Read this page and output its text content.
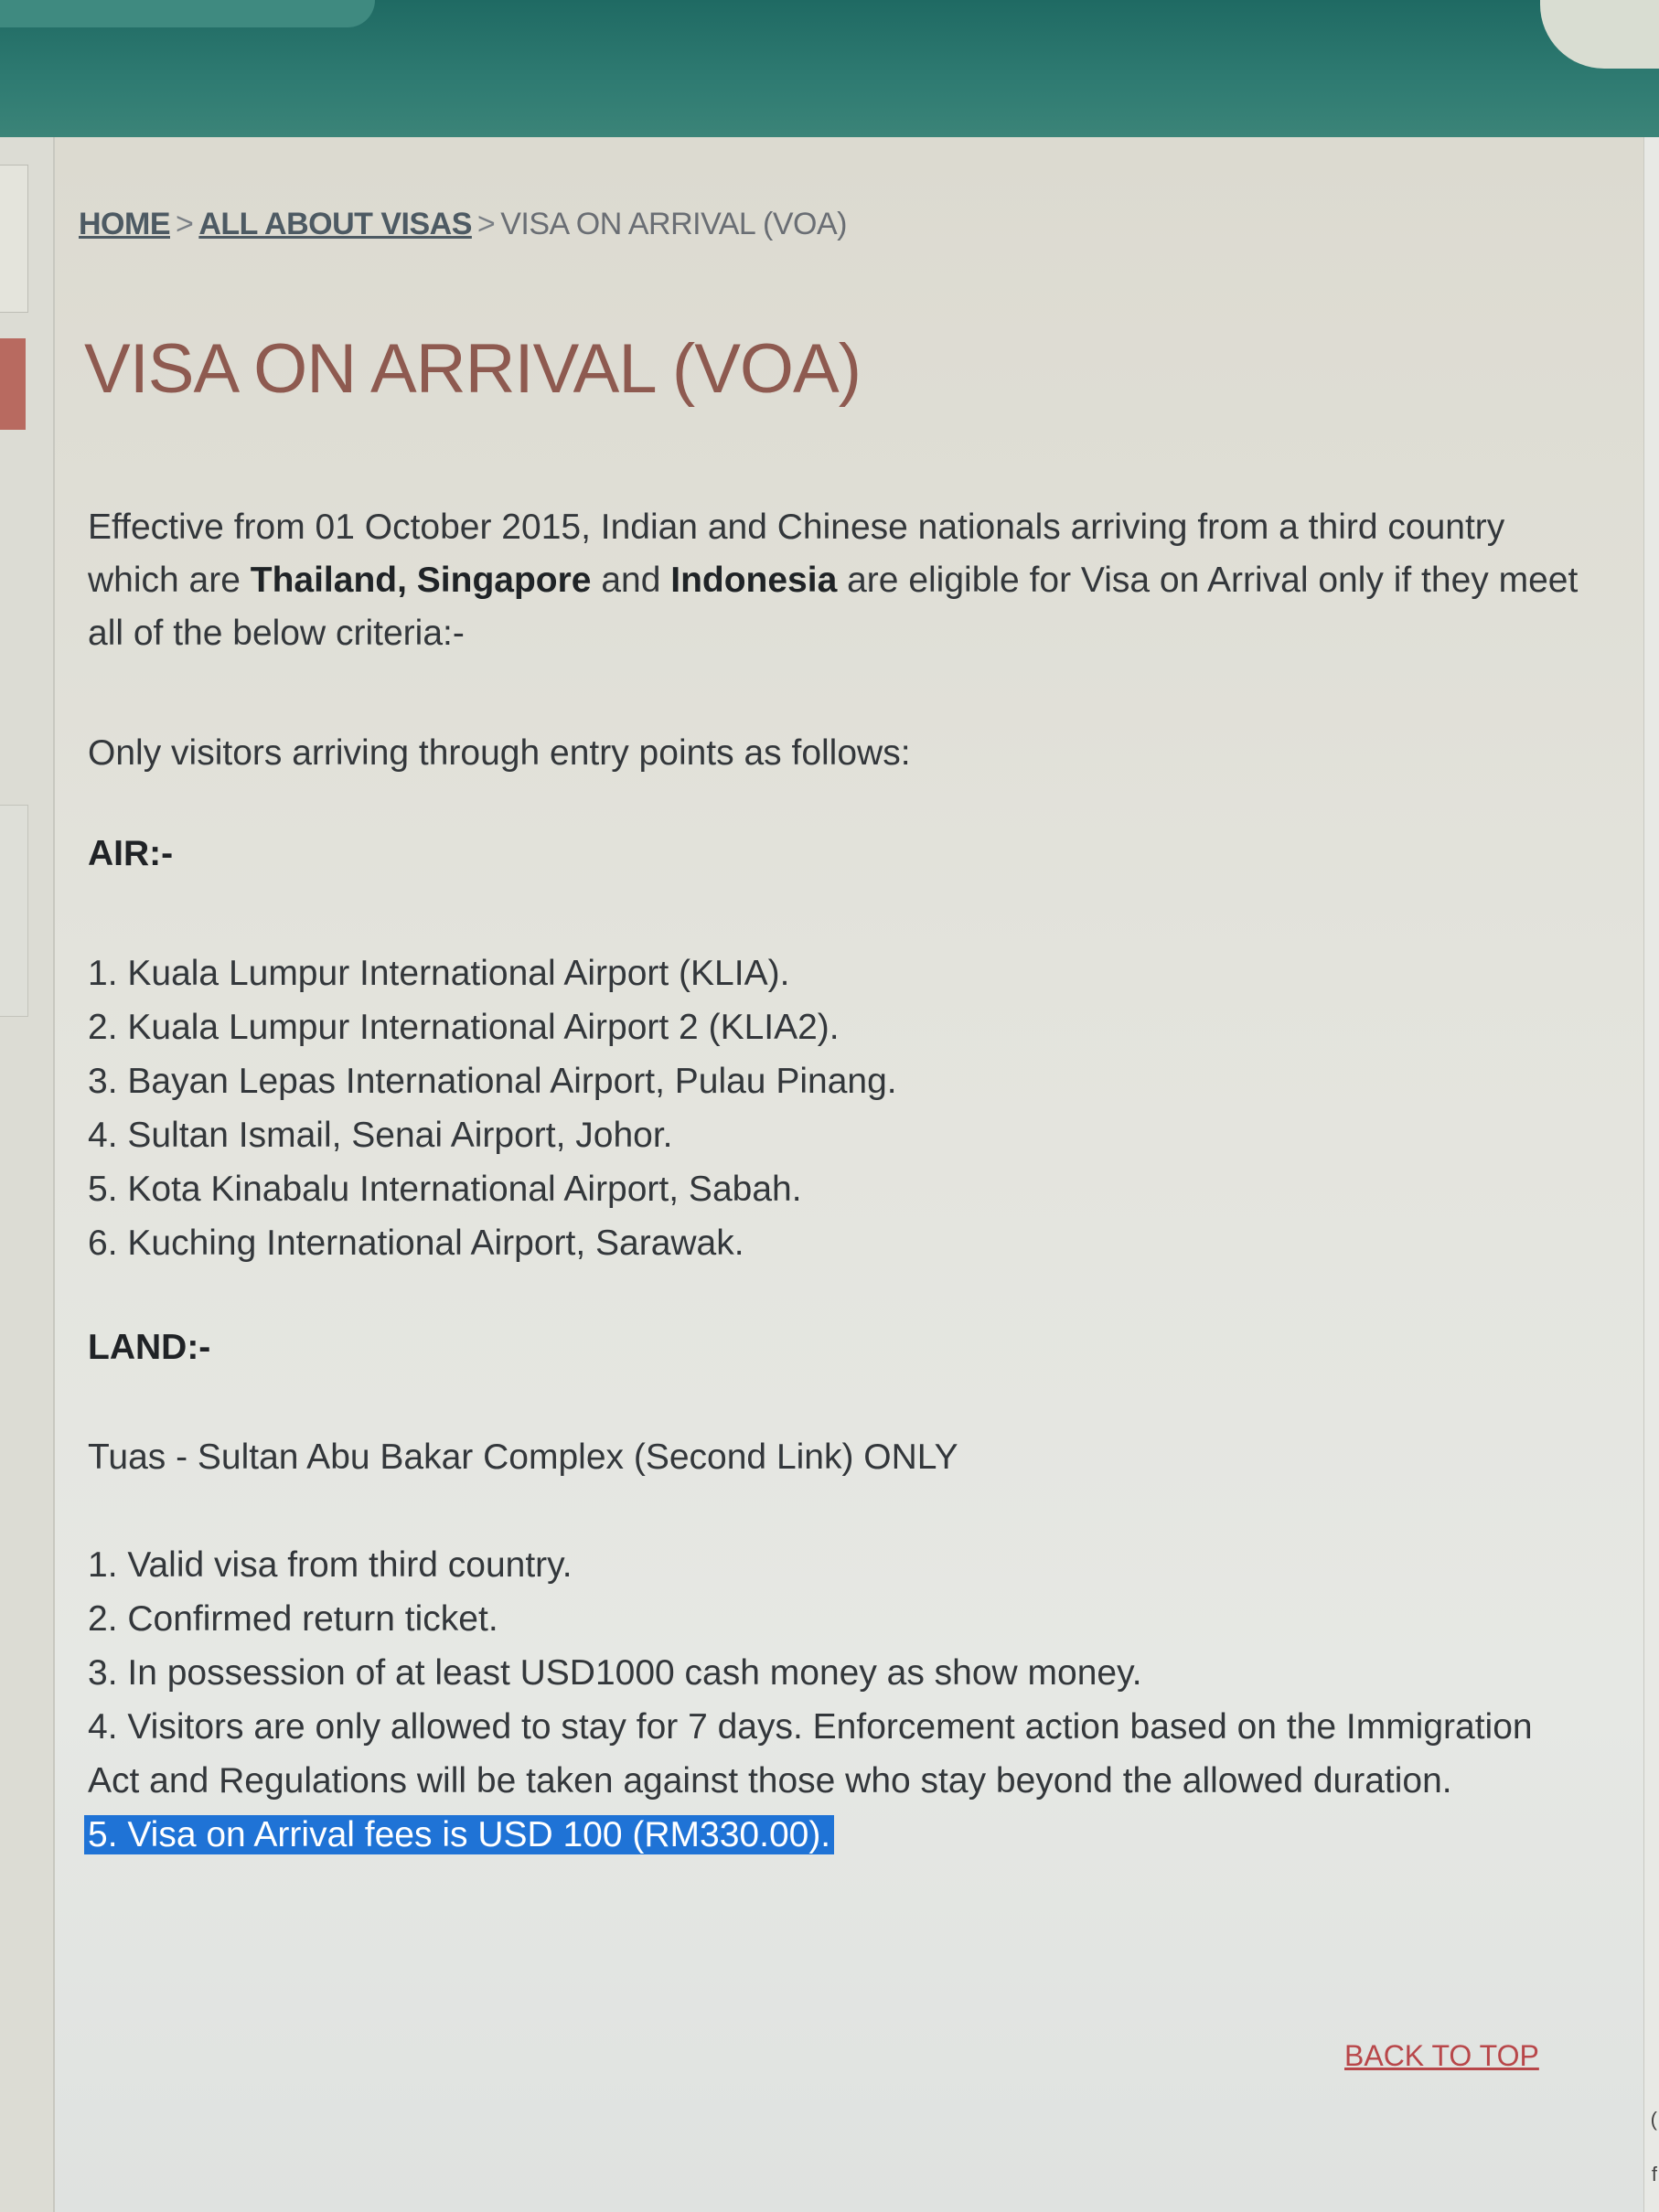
(
f
HOME > ALL ABOUT VISAS > VISA ON ARRIVAL (VOA)
VISA ON ARRIVAL (VOA)

Effective from 01 October 2015, Indian and Chinese nationals arriving from a third country which are Thailand, Singapore and Indonesia are eligible for Visa on Arrival only if they meet all of the below criteria:-

Only visitors arriving through entry points as follows:

AIR:-

1. Kuala Lumpur International Airport (KLIA).
2. Kuala Lumpur International Airport 2 (KLIA2).
3. Bayan Lepas International Airport, Pulau Pinang.
4. Sultan Ismail, Senai Airport, Johor.
5. Kota Kinabalu International Airport, Sabah.
6. Kuching International Airport, Sarawak.

LAND:-

Tuas - Sultan Abu Bakar Complex (Second Link) ONLY

1. Valid visa from third country.
2. Confirmed return ticket.
3. In possession of at least USD1000 cash money as show money.
4. Visitors are only allowed to stay for 7 days. Enforcement action based on the Immigration Act and Regulations will be taken against those who stay beyond the allowed duration.
5. Visa on Arrival fees is USD 100 (RM330.00).
BACK TO TOP
